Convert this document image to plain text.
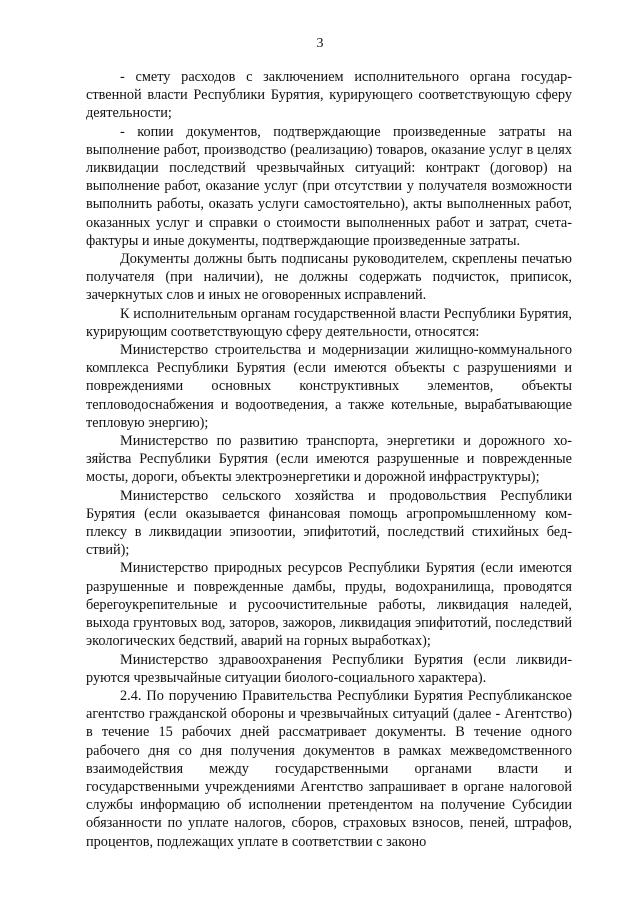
3

- смету расходов с заключением исполнительного органа государственной власти Республики Бурятия, курирующего соответствующую сферу деятельности;

- копии документов, подтверждающие произведенные затраты на выполнение работ, производство (реализацию) товаров, оказание услуг в целях ликвидации последствий чрезвычайных ситуаций: контракт (договор) на выполнение работ, оказание услуг (при отсутствии у получателя возможности выполнить работы, оказать услуги самостоятельно), акты выполненных работ, оказанных услуг и справки о стоимости выполненных работ и затрат, счета-фактуры и иные документы, подтверждающие произведенные затраты.

Документы должны быть подписаны руководителем, скреплены печатью получателя (при наличии), не должны содержать подчисток, приписок, зачеркнутых слов и иных не оговоренных исправлений.

К исполнительным органам государственной власти Республики Бурятия, курирующим соответствующую сферу деятельности, относятся:

Министерство строительства и модернизации жилищно-коммунального комплекса Республики Бурятия (если имеются объекты с разрушениями и повреждениями основных конструктивных элементов, объекты тепловодоснабжения и водоотведения, а также котельные, вырабатывающие тепловую энергию);

Министерство по развитию транспорта, энергетики и дорожного хозяйства Республики Бурятия (если имеются разрушенные и поврежденные мосты, дороги, объекты электроэнергетики и дорожной инфраструктуры);

Министерство сельского хозяйства и продовольствия Республики Бурятия (если оказывается финансовая помощь агропромышленному комплексу в ликвидации эпизоотии, эпифитотий, последствий стихийных бедствий);

Министерство природных ресурсов Республики Бурятия (если имеются разрушенные и поврежденные дамбы, пруды, водохранилища, проводятся берегоукрепительные и русоочистительные работы, ликвидация наледей, выхода грунтовых вод, заторов, зажоров, ликвидация эпифитотий, последствий экологических бедствий, аварий на горных выработках);

Министерство здравоохранения Республики Бурятия (если ликвидируются чрезвычайные ситуации биолого-социального характера).

2.4. По поручению Правительства Республики Бурятия Республиканское агентство гражданской обороны и чрезвычайных ситуаций (далее - Агентство) в течение 15 рабочих дней рассматривает документы. В течение одного рабочего дня со дня получения документов в рамках межведомственного взаимодействия между государственными органами власти и государственными учреждениями Агентство запрашивает в органе налоговой службы информацию об исполнении претендентом на получение Субсидии обязанности по уплате налогов, сборов, страховых взносов, пеней, штрафов, процентов, подлежащих уплате в соответствии с законо
